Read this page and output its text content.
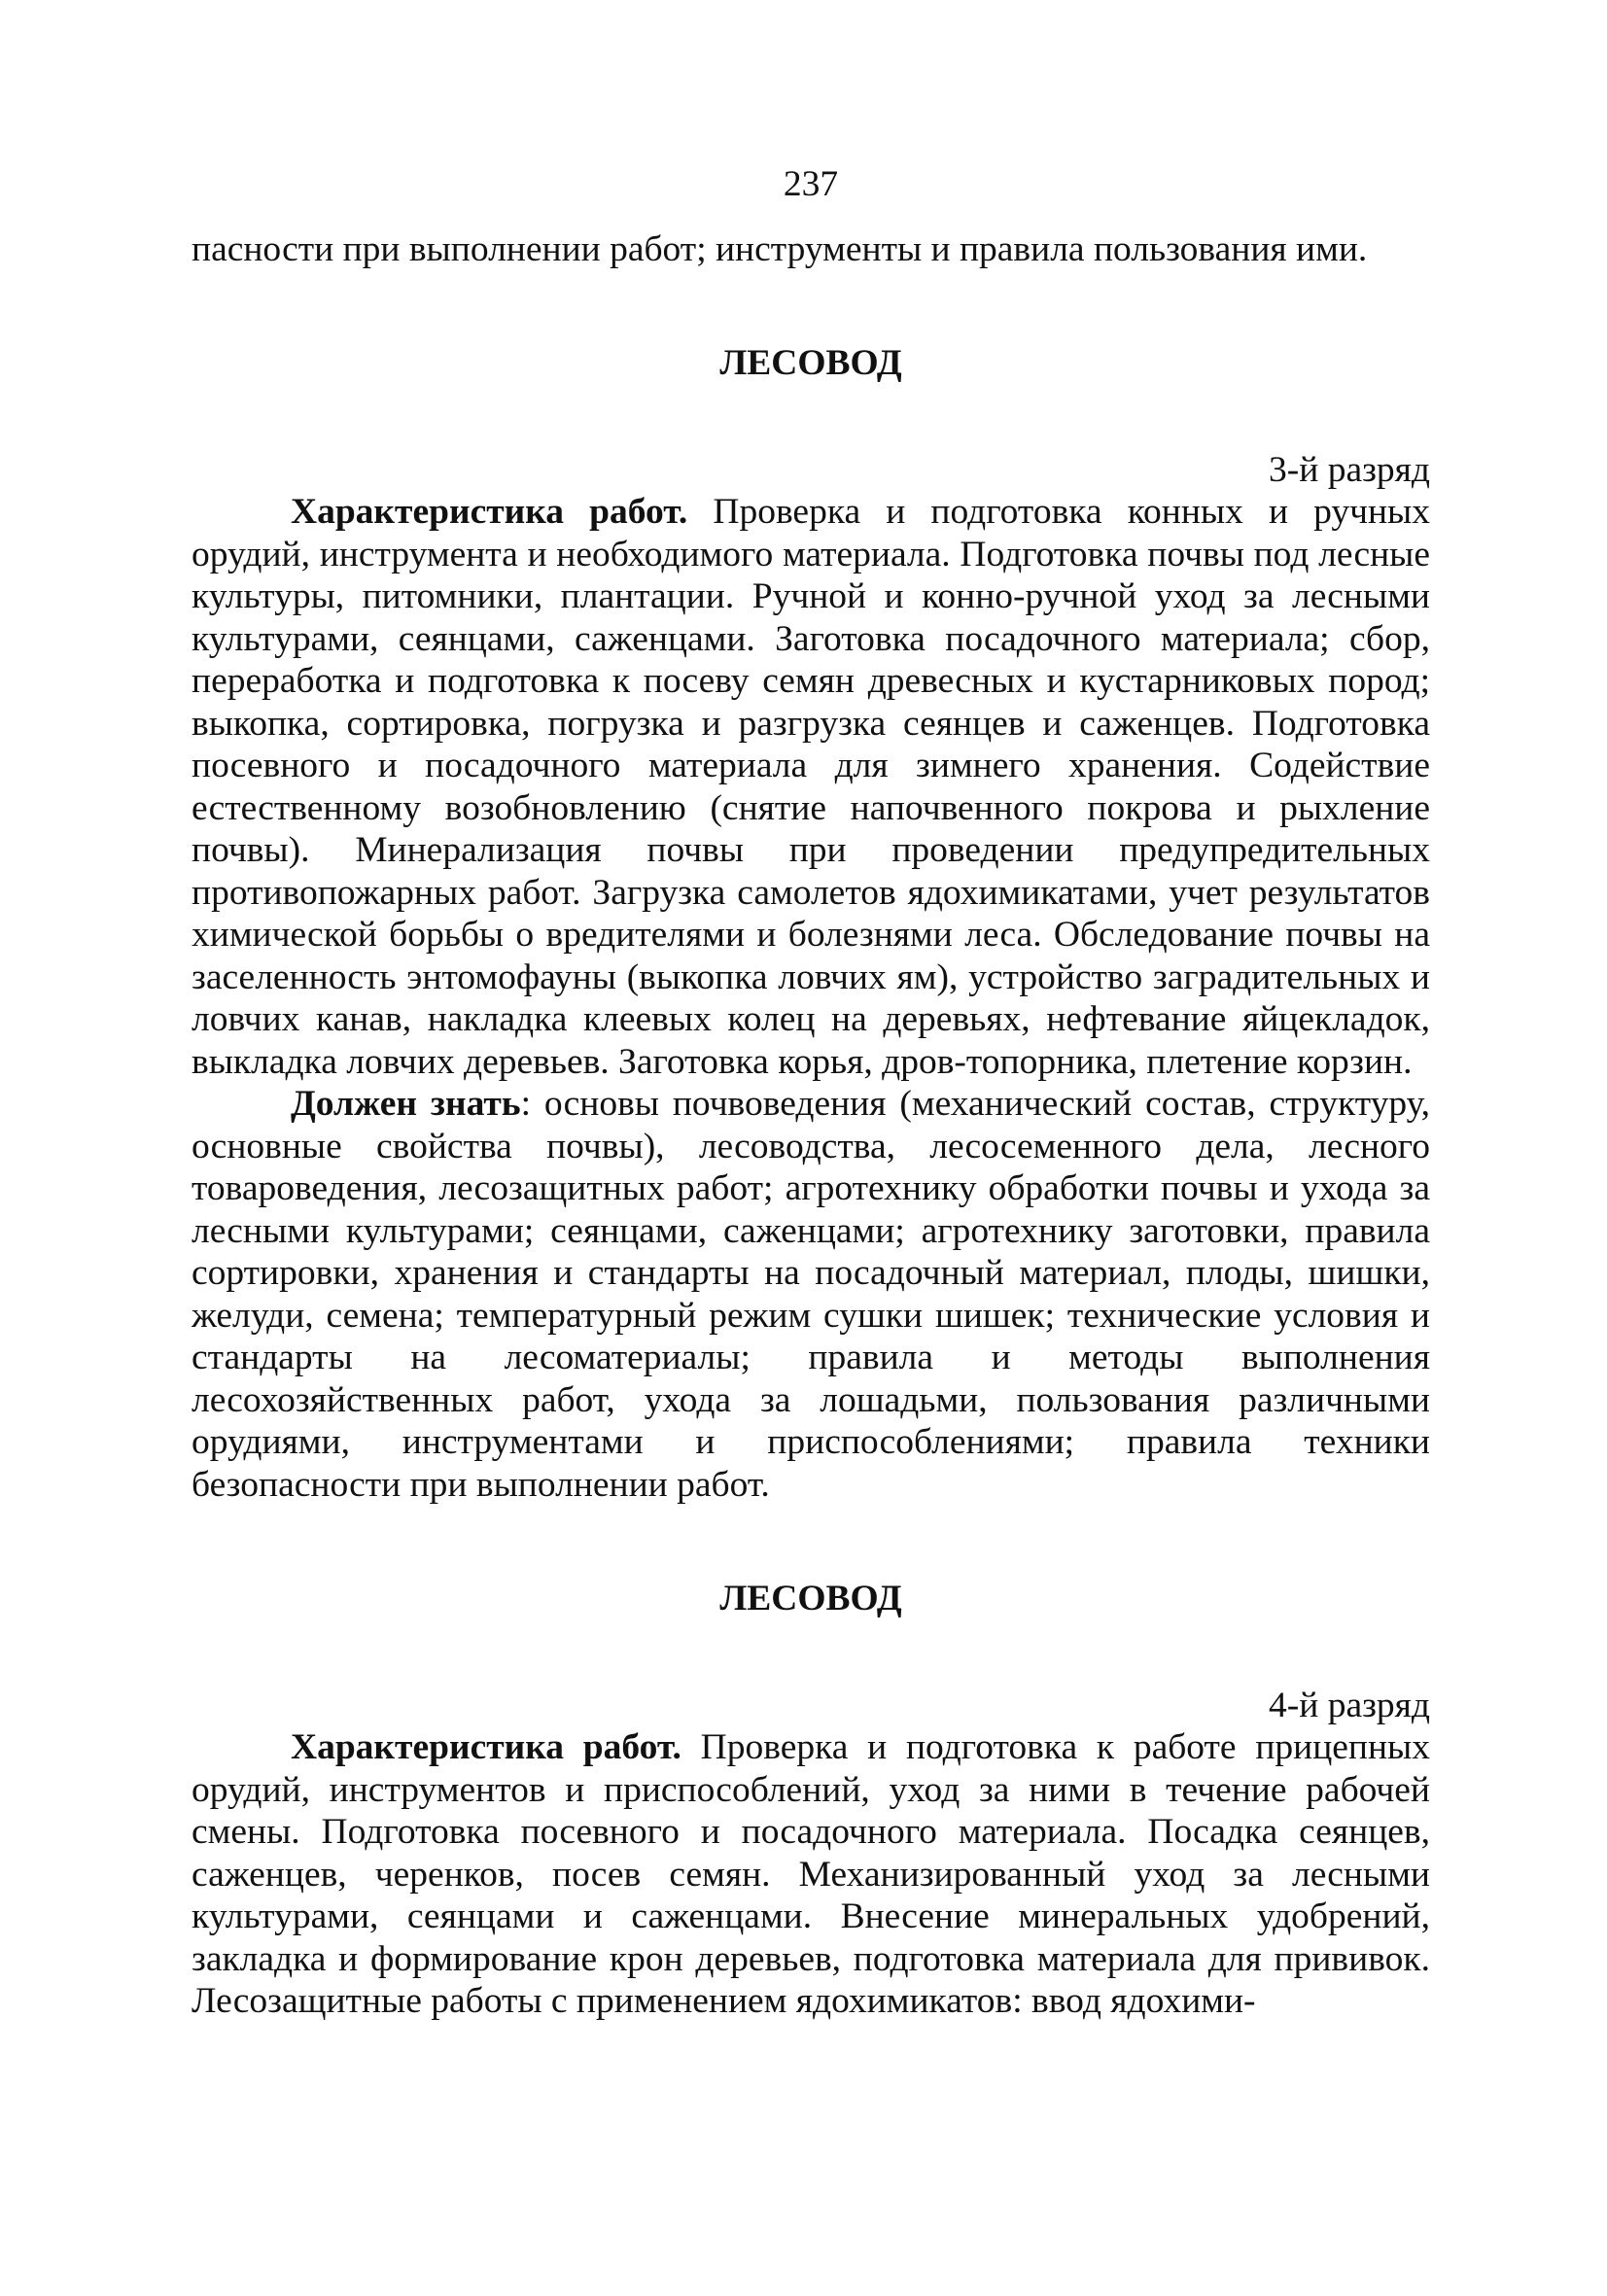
237

пасности при выполнении работ; инструменты и правила пользования ими.

ЛЕСОВОД
3-й разряд

Характеристика работ. Проверка и подготовка конных и ручных орудий, инструмента и необходимого материала. Подготовка почвы под лесные культуры, питомники, плантации. Ручной и конно-ручной уход за лесными культурами, сеянцами, саженцами. Заготовка посадочного материала; сбор, переработка и подготовка к посеву семян древесных и кустарниковых пород; выкопка, сортировка, погрузка и разгрузка сеянцев и саженцев. Подготовка посевного и посадочного материала для зимнего хранения. Содействие естественному возобновлению (снятие напочвенного покрова и рыхление почвы). Минерализация почвы при проведении предупредительных противопожарных работ. Загрузка самолетов ядохимикатами, учет результатов химической борьбы о вредителями и болезнями леса. Обследование почвы на заселенность энтомофауны (выкопка ловчих ям), устройство заградительных и ловчих канав, накладка клеевых колец на деревьях, нефтевание яйцекладок, выкладка ловчих деревьев. Заготовка корья, дров-топорника, плетение корзин.

Должен знать: основы почвоведения (механический состав, структуру, основные свойства почвы), лесоводства, лесосеменного дела, лесного товароведения, лесозащитных работ; агротехнику обработки почвы и ухода за лесными культурами; сеянцами, саженцами; агротехнику заготовки, правила сортировки, хранения и стандарты на посадочный материал, плоды, шишки, желуди, семена; температурный режим сушки шишек; технические условия и стандарты на лесоматериалы; правила и методы выполнения лесохозяйственных работ, ухода за лошадьми, пользования различными орудиями, инструментами и приспособлениями; правила техники безопасности при выполнении работ.

ЛЕСОВОД
4-й разряд

Характеристика работ. Проверка и подготовка к работе прицепных орудий, инструментов и приспособлений, уход за ними в течение рабочей смены. Подготовка посевного и посадочного материала. Посадка сеянцев, саженцев, черенков, посев семян. Механизированный уход за лесными культурами, сеянцами и саженцами. Внесение минеральных удобрений, закладка и формирование крон деревьев, подготовка материала для прививок. Лесозащитные работы с применением ядохимикатов: ввод ядохими-
